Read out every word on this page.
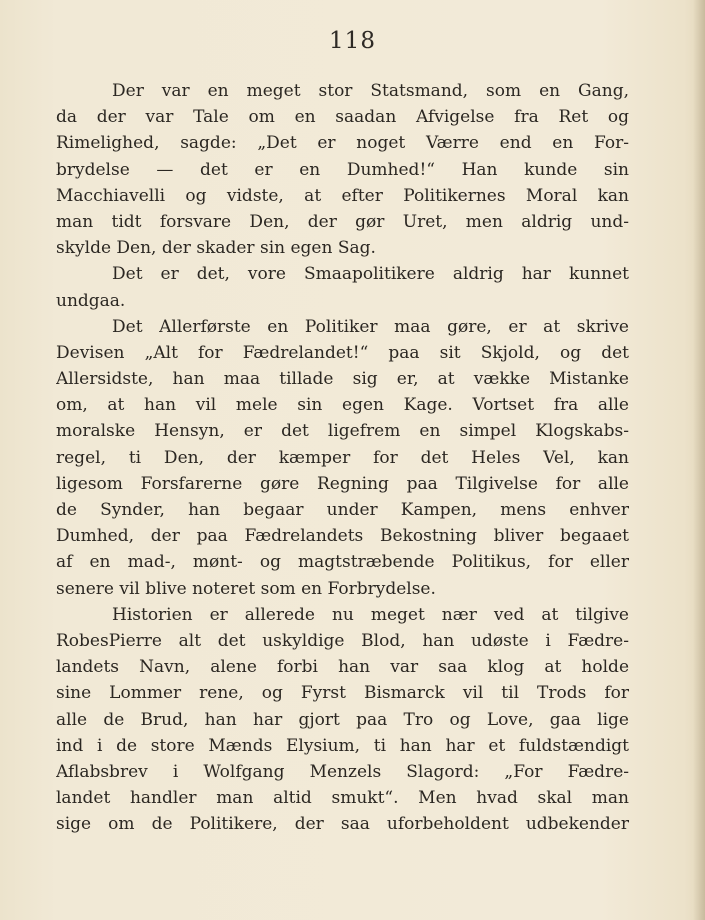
118
Der var en meget stor Statsmand, som en Gang,
da der var Tale om en saadan Afvigelse fra Ret og
Rimelighed, sagde: „Det er noget Værre end en For-
brydelse — det er en Dumhed!“ Han kunde sin
Macchiavelli og vidste, at efter Politikernes Moral kan
man tidt forsvare Den, der gør Uret, men aldrig und-
skylde Den, der skader sin egen Sag.
Det er det, vore Smaapolitikere aldrig har kunnet
undgaa.
Det Allerførste en Politiker maa gøre, er at skrive
Devisen „Alt for Fædrelandet!“ paa sit Skjold, og det
Allersidste, han maa tillade sig er, at vække Mistanke
om, at han vil mele sin egen Kage. Vortset fra alle
moralske Hensyn, er det ligefrem en simpel Klogskabs-
regel, ti Den, der kæmper for det Heles Vel, kan
ligesom Forsfarerne gøre Regning paa Tilgivelse for alle
de Synder, han begaar under Kampen, mens enhver
Dumhed, der paa Fædrelandets Bekostning bliver begaaet
af en mad-, mønt- og magtstræbende Politikus, for eller
senere vil blive noteret som en Forbrydelse.
Historien er allerede nu meget nær ved at tilgive
RobesPierre alt det uskyldige Blod, han udøste i Fædre-
landets Navn, alene forbi han var saa klog at holde
sine Lommer rene, og Fyrst Bismarck vil til Trods for
alle de Brud, han har gjort paa Tro og Love, gaa lige
ind i de store Mænds Elysium, ti han har et fuldstændigt
Aflabsbrev i Wolfgang Menzels Slagord: „For Fædre-
landet handler man altid smukt“. Men hvad skal man
sige om de Politikere, der saa uforbeholdent udbekender
